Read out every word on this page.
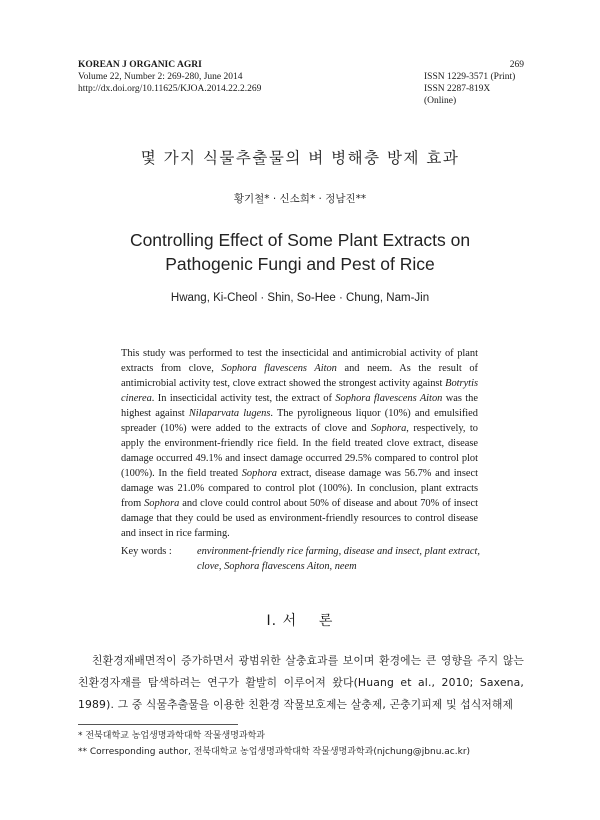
KOREAN J ORGANIC AGRI
Volume 22, Number 2: 269-280, June 2014
http://dx.doi.org/10.11625/KJOA.2014.22.2.269
269
ISSN 1229-3571 (Print)
ISSN 2287-819X (Online)
몇 가지 식물추출물의 벼 병해충 방제 효과
황기철* · 신소희* · 정남진**
Controlling Effect of Some Plant Extracts on
Pathogenic Fungi and Pest of Rice
Hwang, Ki-Cheol · Shin, So-Hee · Chung, Nam-Jin
This study was performed to test the insecticidal and antimicrobial activity of plant extracts from clove, Sophora flavescens Aiton and neem. As the result of antimicrobial activity test, clove extract showed the strongest activity against Botrytis cinerea. In insecticidal activity test, the extract of Sophora flavescens Aiton was the highest against Nilaparvata lugens. The pyroligneous liquor (10%) and emulsified spreader (10%) were added to the extracts of clove and Sophora, respectively, to apply the environment-friendly rice field. In the field treated clove extract, disease damage occurred 49.1% and insect damage occurred 29.5% compared to control plot (100%). In the field treated Sophora extract, disease damage was 56.7% and insect damage was 21.0% compared to control plot (100%). In conclusion, plant extracts from Sophora and clove could control about 50% of disease and about 70% of insect damage that they could be used as environment-friendly resources to control disease and insect in rice farming.
Key words : environment-friendly rice farming, disease and insect, plant extract,
clove, Sophora flavescens Aiton, neem
Ⅰ. 서    론
친환경재배면적이 증가하면서 광범위한 살충효과를 보이며 환경에는 큰 영향을 주지 않는 친환경자재를 탐색하려는 연구가 활발히 이루어져 왔다(Huang et al., 2010; Saxena, 1989). 그 중 식물추출물을 이용한 친환경 작물보호제는 살충제, 곤충기피제 및 섭식저해제
* 전북대학교 농업생명과학대학 작물생명과학과
** Corresponding author, 전북대학교 농업생명과학대학 작물생명과학과(njchung@jbnu.ac.kr)
